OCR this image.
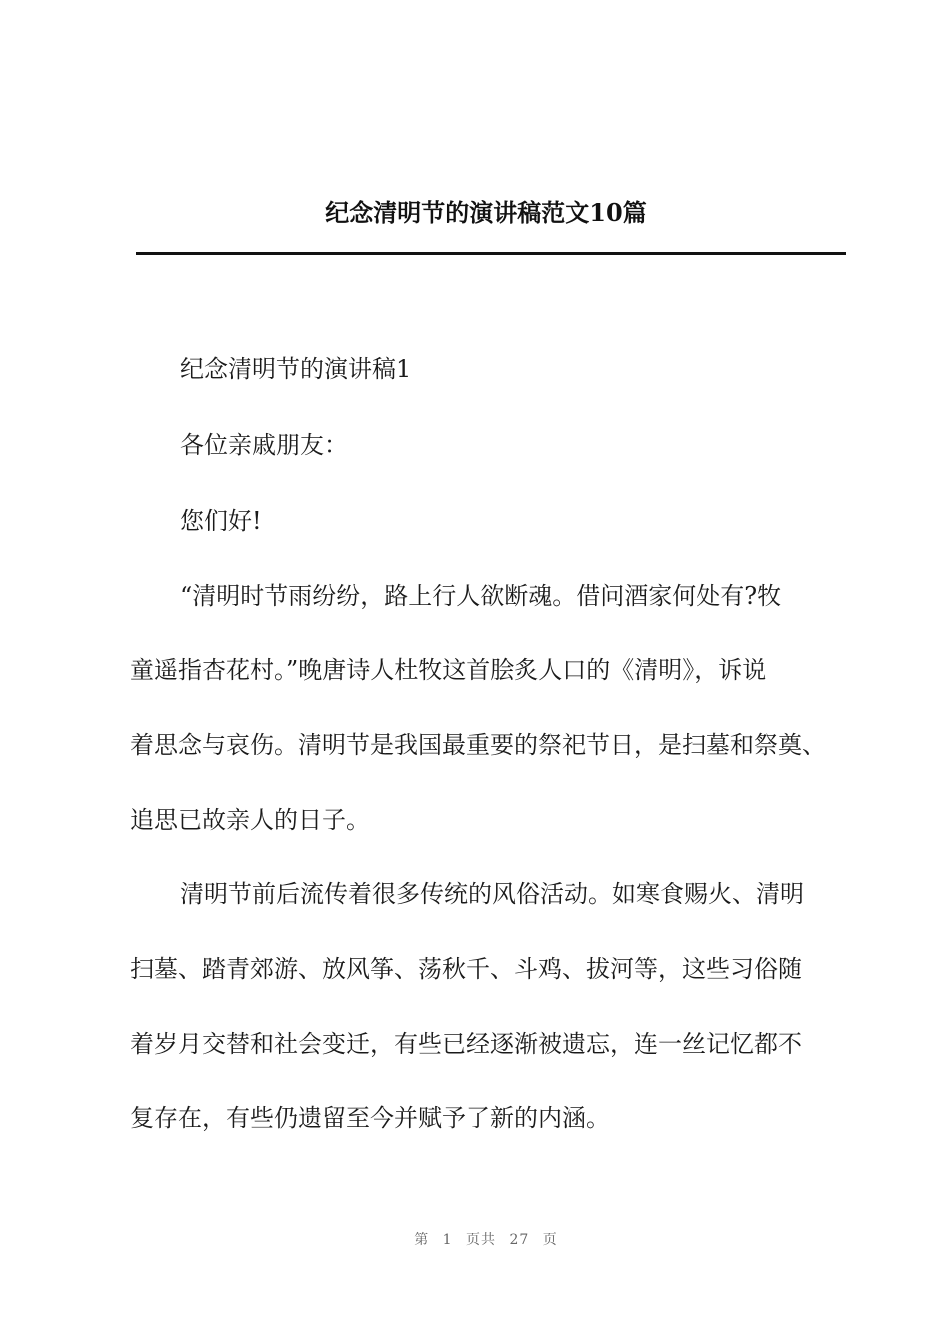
纪念清明节的演讲稿范文10篇
纪念清明节的演讲稿1
各位亲戚朋友：
您们好!
“清明时节雨纷纷，路上行人欲断魂。借问酒家何处有?牧
童遥指杏花村。”晚唐诗人杜牧这首脍炙人口的《清明》，诉说
着思念与哀伤。清明节是我国最重要的祭祀节日，是扫墓和祭奠、
追思已故亲人的日子。
清明节前后流传着很多传统的风俗活动。如寒食赐火、清明
扫墓、踏青郊游、放风筝、荡秋千、斗鸡、拔河等，这些习俗随
着岁月交替和社会变迁，有些已经逐渐被遗忘，连一丝记忆都不
复存在，有些仍遗留至今并赋予了新的内涵。
第 1 页共 27 页
